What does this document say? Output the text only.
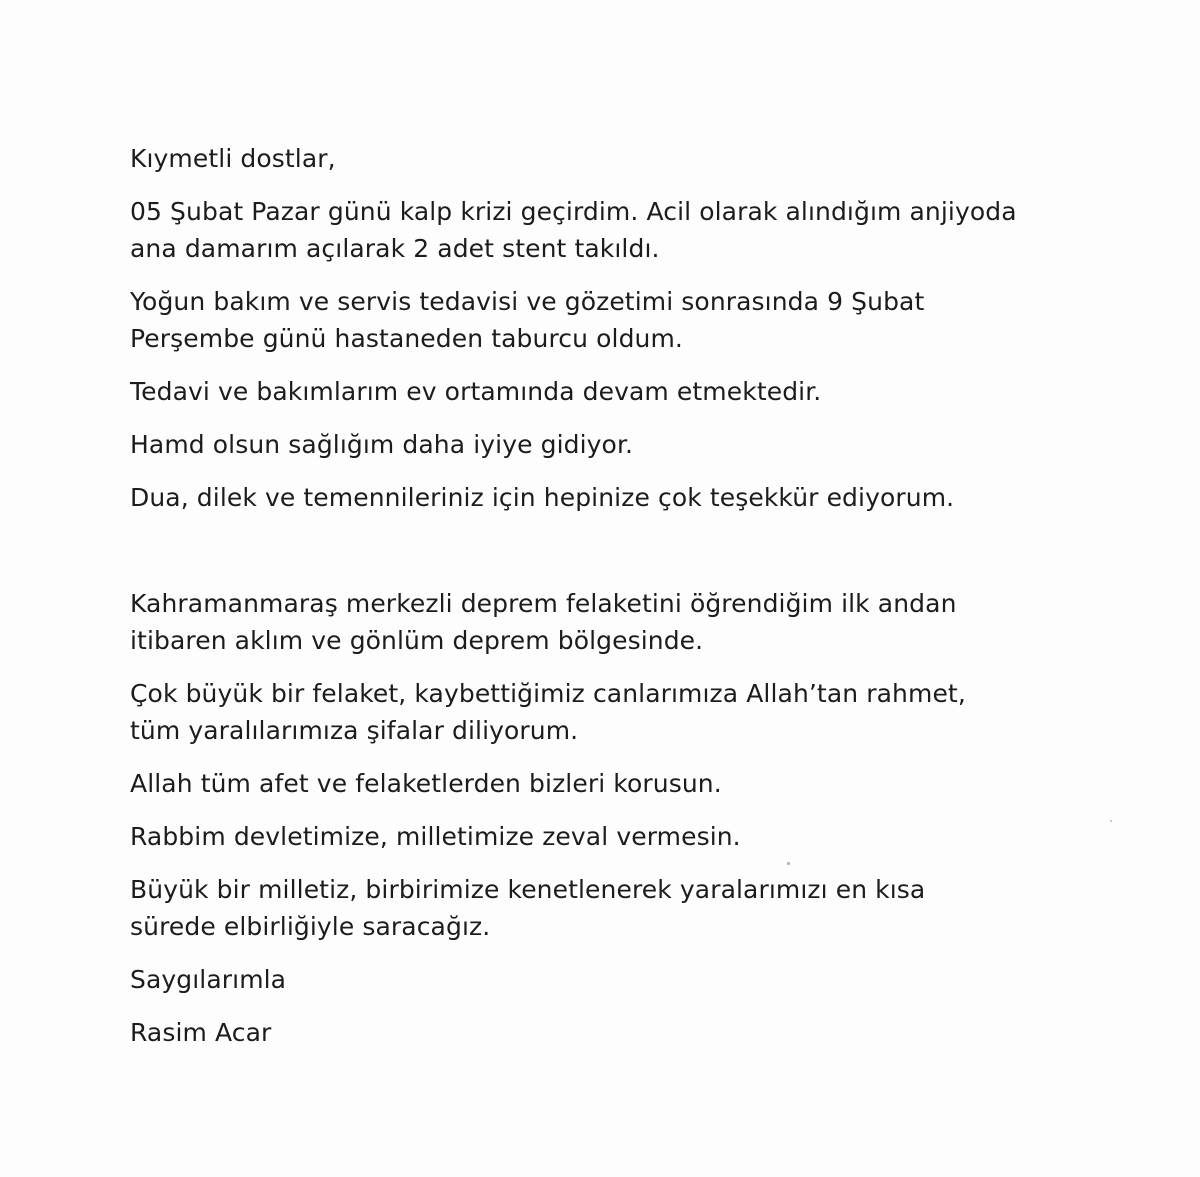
Kıymetli dostlar,

05 Şubat Pazar günü kalp krizi geçirdim. Acil olarak alındığım anjiyoda
ana damarım açılarak 2 adet stent takıldı.

Yoğun bakım ve servis tedavisi ve gözetimi sonrasında 9 Şubat
Perşembe günü hastaneden taburcu oldum.

Tedavi ve bakımlarım ev ortamında devam etmektedir.

Hamd olsun sağlığım daha iyiye gidiyor.

Dua, dilek ve temennileriniz için hepinize çok teşekkür ediyorum.

Kahramanmaraş merkezli deprem felaketini öğrendiğim ilk andan
itibaren aklım ve gönlüm deprem bölgesinde.

Çok büyük bir felaket, kaybettiğimiz canlarımıza Allah’tan rahmet,
tüm yaralılarımıza şifalar diliyorum.

Allah tüm afet ve felaketlerden bizleri korusun.

Rabbim devletimize, milletimize zeval vermesin.

Büyük bir milletiz, birbirimize kenetlenerek yaralarımızı en kısa
sürede elbirliğiyle saracağız.

Saygılarımla

Rasim Acar
